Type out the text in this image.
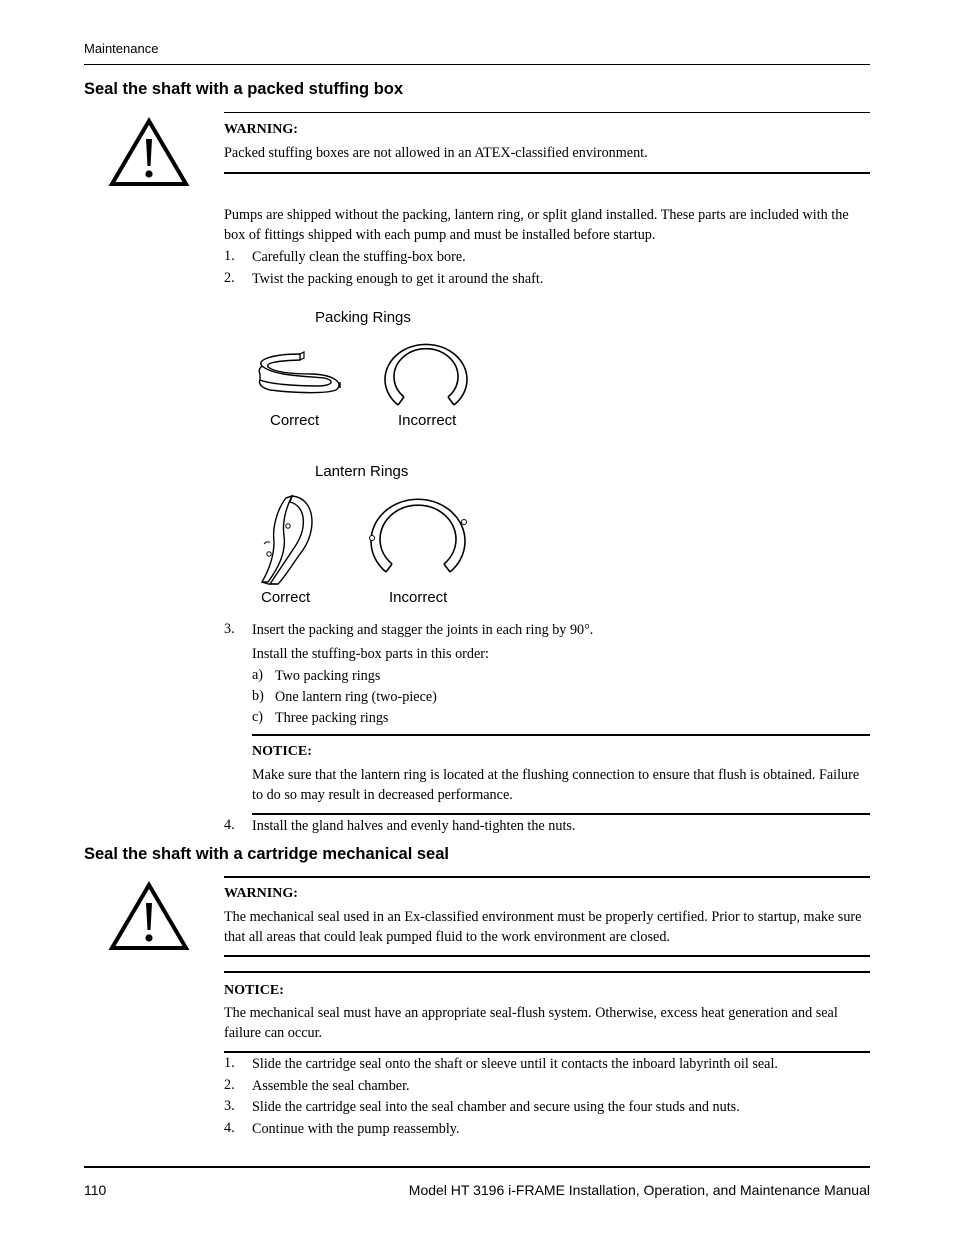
Maintenance
Seal the shaft with a packed stuffing box
WARNING:
Packed stuffing boxes are not allowed in an ATEX-classified environment.
Pumps are shipped without the packing, lantern ring, or split gland installed. These parts are included with the box of fittings shipped with each pump and must be installed before startup.
1. Carefully clean the stuffing-box bore.
2. Twist the packing enough to get it around the shaft.
Packing Rings
Correct	Incorrect
Lantern Rings
Correct	Incorrect
3. Insert the packing and stagger the joints in each ring by 90°.
Install the stuffing-box parts in this order:
a) Two packing rings
b) One lantern ring (two-piece)
c) Three packing rings
NOTICE:
Make sure that the lantern ring is located at the flushing connection to ensure that flush is obtained. Failure to do so may result in decreased performance.
4. Install the gland halves and evenly hand-tighten the nuts.
Seal the shaft with a cartridge mechanical seal
WARNING:
The mechanical seal used in an Ex-classified environment must be properly certified. Prior to startup, make sure that all areas that could leak pumped fluid to the work environment are closed.
NOTICE:
The mechanical seal must have an appropriate seal-flush system. Otherwise, excess heat generation and seal failure can occur.
1. Slide the cartridge seal onto the shaft or sleeve until it contacts the inboard labyrinth oil seal.
2. Assemble the seal chamber.
3. Slide the cartridge seal into the seal chamber and secure using the four studs and nuts.
4. Continue with the pump reassembly.
110	Model HT 3196 i-FRAME Installation, Operation, and Maintenance Manual
